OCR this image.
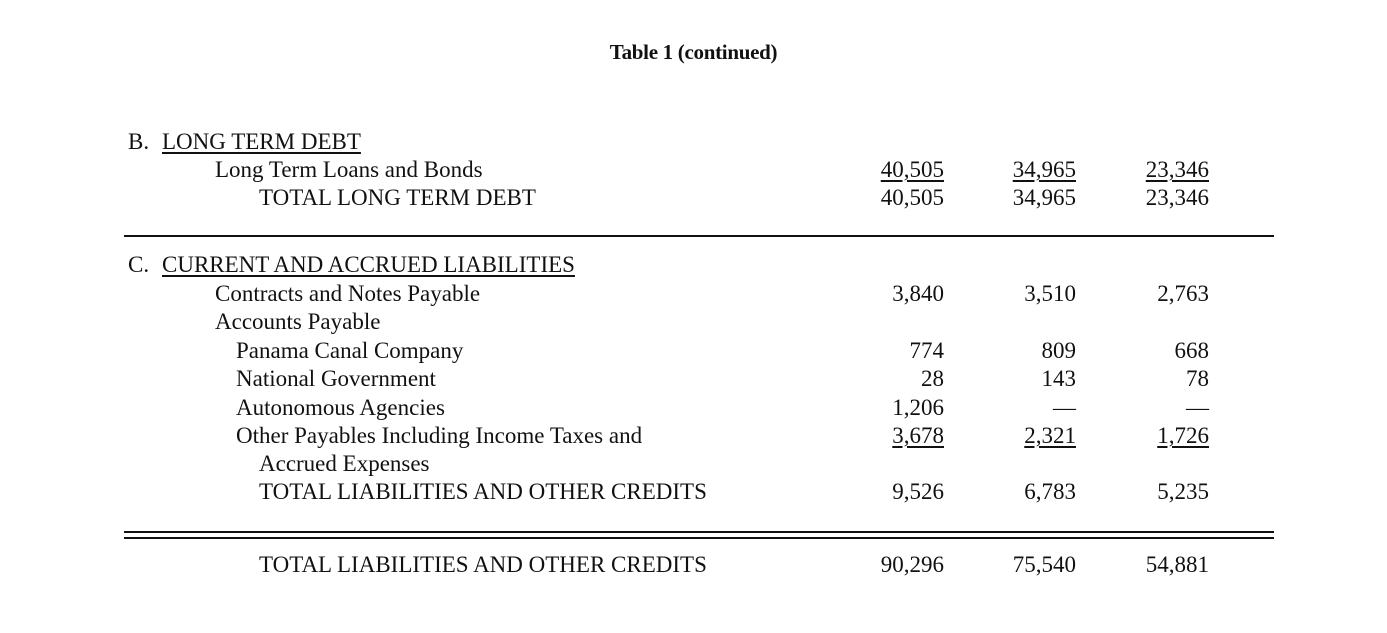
Table 1 (continued)
B. LONG TERM DEBT
Long Term Loans and Bonds	40,505	34,965	23,346
TOTAL LONG TERM DEBT	40,505	34,965	23,346
C. CURRENT AND ACCRUED LIABILITIES
Contracts and Notes Payable	3,840	3,510	2,763
Accounts Payable
Panama Canal Company	774	809	668
National Government	28	143	78
Autonomous Agencies	1,206	—	—
Other Payables Including Income Taxes and	3,678	2,321	1,726
Accrued Expenses
TOTAL LIABILITIES AND OTHER CREDITS	9,526	6,783	5,235
TOTAL LIABILITIES AND OTHER CREDITS	90,296	75,540	54,881
